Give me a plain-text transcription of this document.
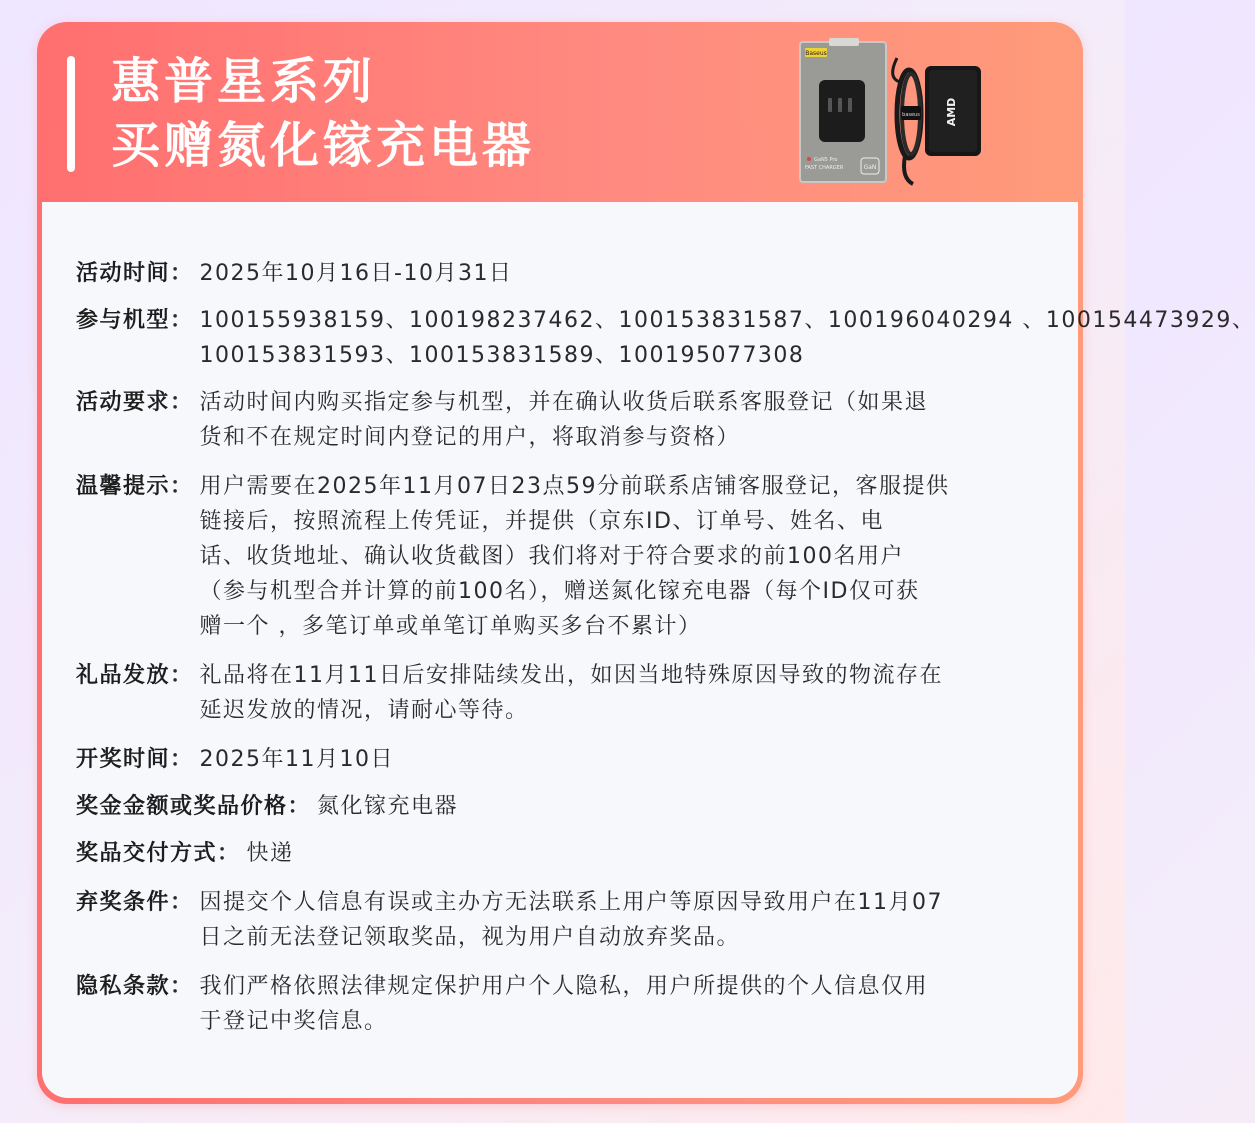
惠普星系列
买赠氮化镓充电器
Baseus
GaN5 Pro
FAST CHARGER	GaN
baseus AMD
活动时间 ： 2025年10月16日-10月31日
参与机型 ： 100155938159、100198237462、100153831587、100196040294 、100154473929、
100153831593、100153831589、100195077308
活动要求 ： 活动时间内购买指定参与机型，并在确认收货后联系客服登记（如果退
货和不在规定时间内登记的用户，将取消参与资格）
温馨提示 ： 用户需要在2025年11月07日23点59分前联系店铺客服登记，客服提供
链接后，按照流程上传凭证，并提供（京东ID、订单号、姓名、电
话、收货地址、确认收货截图）我们将对于符合要求的前100名用户
（参与机型合并计算的前100名），赠送氮化镓充电器（每个ID仅可获
赠一个 ，多笔订单或单笔订单购买多台不累计）
礼品发放 ： 礼品将在11月11日后安排陆续发出，如因当地特殊原因导致的物流存在
延迟发放的情况，请耐心等待。
开奖时间 ： 2025年11月10日
奖金金额或奖品价格 ： 氮化镓充电器
奖品交付方式 ： 快递
弃奖条件 ： 因提交个人信息有误或主办方无法联系上用户等原因导致用户在11月07
日之前无法登记领取奖品，视为用户自动放弃奖品。
隐私条款 ： 我们严格依照法律规定保护用户个人隐私，用户所提供的个人信息仅用
于登记中奖信息。
